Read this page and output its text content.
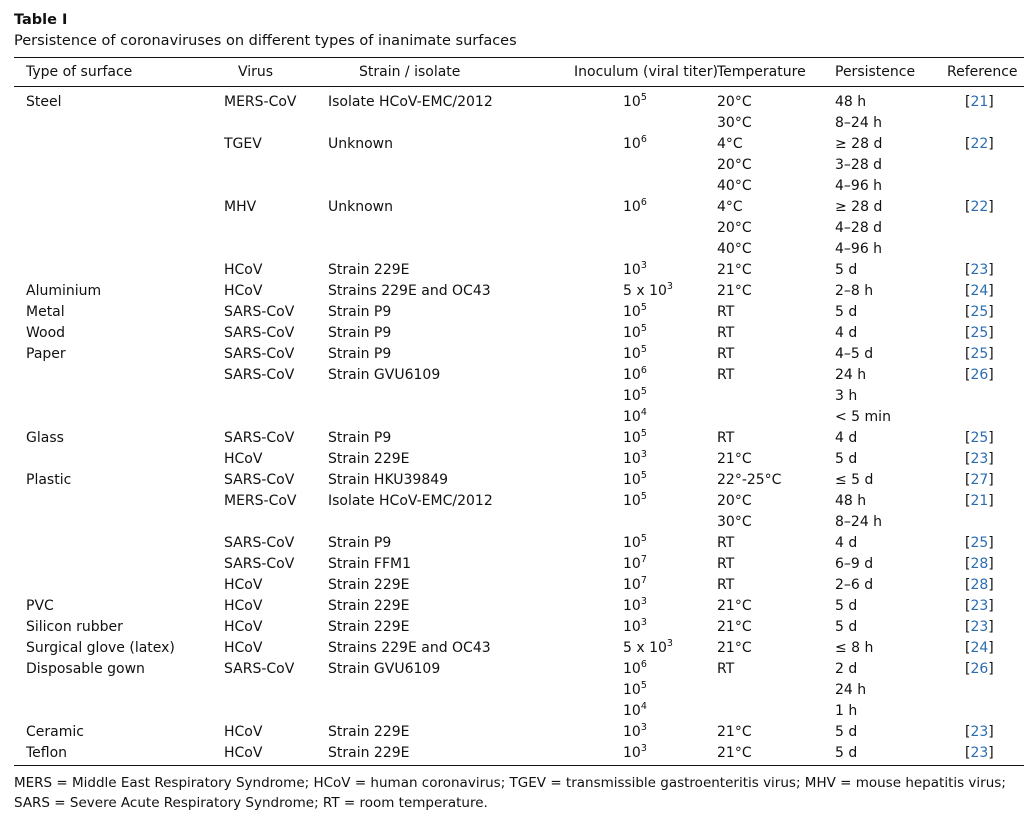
Table I
Persistence of coronaviruses on different types of inanimate surfaces
Type of surface	Virus	Strain / isolate	Inoculum (viral titer)	Temperature	Persistence	Reference
Steel	MERS-CoV	Isolate HCoV-EMC/2012	$10^5$	20°C	48 h	[21]
				30°C	8–24 h	
	TGEV	Unknown	$10^6$	4°C	≥ 28 d	[22]
				20°C	3–28 d	
				40°C	4–96 h	
	MHV	Unknown	$10^6$	4°C	≥ 28 d	[22]
				20°C	4–28 d	
				40°C	4–96 h	
	HCoV	Strain 229E	$10^3$	21°C	5 d	[23]
Aluminium	HCoV	Strains 229E and OC43	5 x $10^3$	21°C	2–8 h	[24]
Metal	SARS-CoV	Strain P9	$10^5$	RT	5 d	[25]
Wood	SARS-CoV	Strain P9	$10^5$	RT	4 d	[25]
Paper	SARS-CoV	Strain P9	$10^5$	RT	4–5 d	[25]
	SARS-CoV	Strain GVU6109	$10^6$	RT	24 h	[26]
			$10^5$		3 h	
			$10^4$		< 5 min	
Glass	SARS-CoV	Strain P9	$10^5$	RT	4 d	[25]
	HCoV	Strain 229E	$10^3$	21°C	5 d	[23]
Plastic	SARS-CoV	Strain HKU39849	$10^5$	22°-25°C	≤ 5 d	[27]
	MERS-CoV	Isolate HCoV-EMC/2012	$10^5$	20°C	48 h	[21]
				30°C	8–24 h	
	SARS-CoV	Strain P9	$10^5$	RT	4 d	[25]
	SARS-CoV	Strain FFM1	$10^7$	RT	6–9 d	[28]
	HCoV	Strain 229E	$10^7$	RT	2–6 d	[28]
PVC	HCoV	Strain 229E	$10^3$	21°C	5 d	[23]
Silicon rubber	HCoV	Strain 229E	$10^3$	21°C	5 d	[23]
Surgical glove (latex)	HCoV	Strains 229E and OC43	5 x $10^3$	21°C	≤ 8 h	[24]
Disposable gown	SARS-CoV	Strain GVU6109	$10^6$	RT	2 d	[26]
			$10^5$		24 h	
			$10^4$		1 h	
Ceramic	HCoV	Strain 229E	$10^3$	21°C	5 d	[23]
Teflon	HCoV	Strain 229E	$10^3$	21°C	5 d	[23]
MERS = Middle East Respiratory Syndrome; HCoV = human coronavirus; TGEV = transmissible gastroenteritis virus; MHV = mouse hepatitis virus;
SARS = Severe Acute Respiratory Syndrome; RT = room temperature.
